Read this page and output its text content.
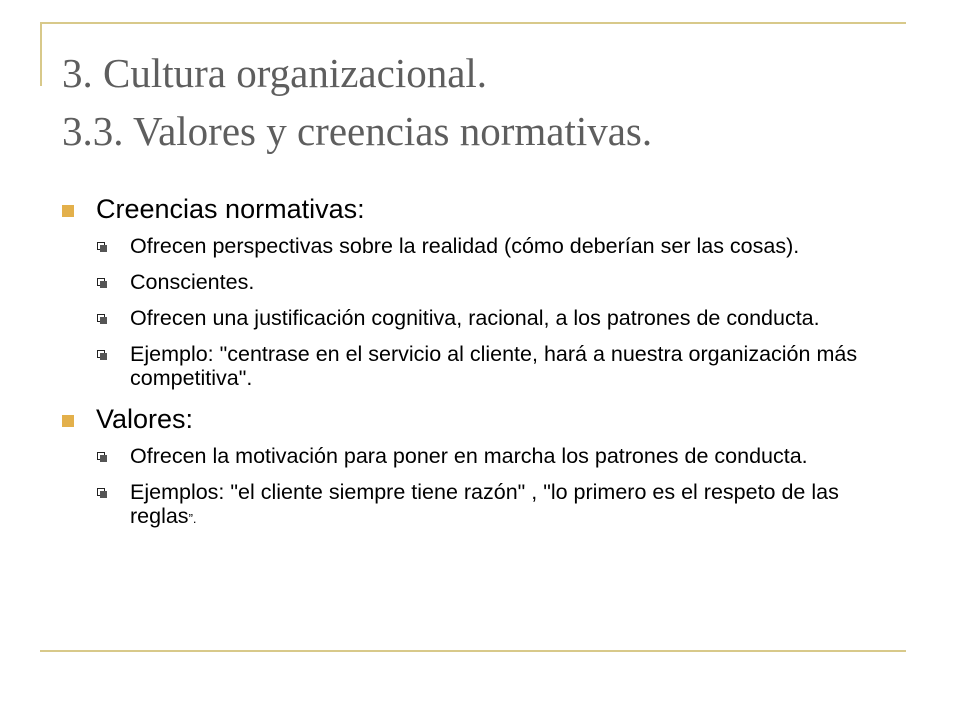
3. Cultura organizacional.
3.3. Valores y creencias normativas.
Creencias normativas:
Ofrecen perspectivas sobre la realidad (cómo deberían ser las cosas).
Conscientes.
Ofrecen una justificación cognitiva, racional, a los patrones de conducta.
Ejemplo: "centrase en el servicio al cliente, hará a nuestra organización más competitiva".
Valores:
Ofrecen la motivación para poner en marcha los patrones de conducta.
Ejemplos: "el cliente siempre tiene razón" , "lo primero es el respeto de las reglas”.
